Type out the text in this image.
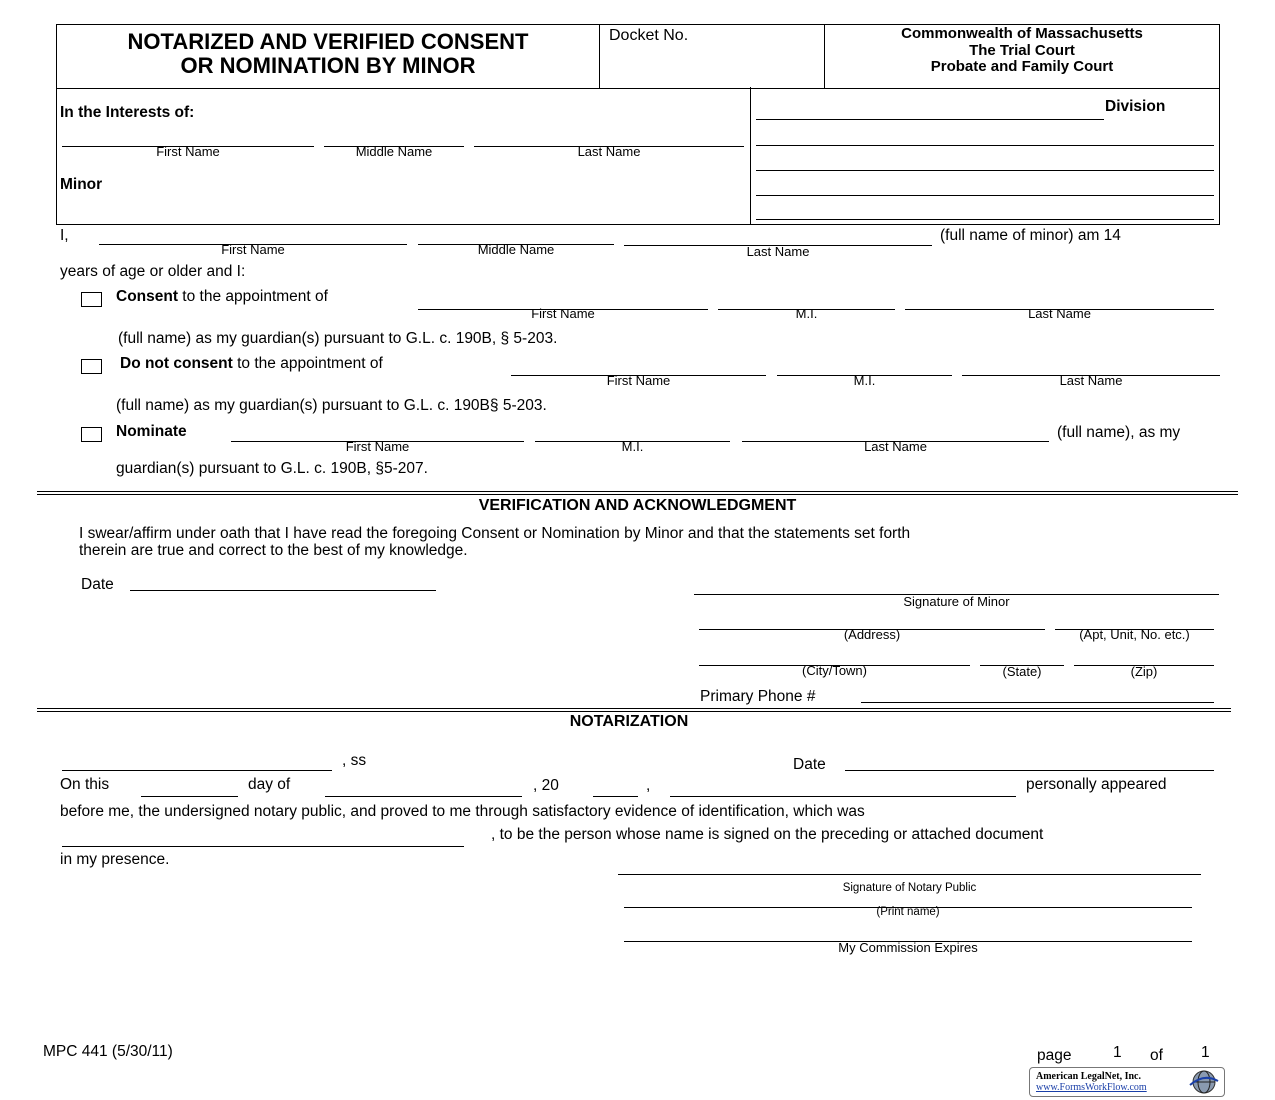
NOTARIZED AND VERIFIED CONSENT
OR NOMINATION BY MINOR
Docket No.	Commonwealth of Massachusetts
The Trial Court
Probate and Family Court
In the Interests of:
First Name	Middle Name	Last Name
Minor
Division
I,
First Name	Middle Name	Last Name
(full name of minor) am 14
years of age or older and I:
Consent to the appointment of
First Name	M.I.	Last Name
(full name) as my guardian(s) pursuant to G.L. c. 190B, § 5-203.
Do not consent to the appointment of
First Name	M.I.	Last Name
(full name) as my guardian(s) pursuant to G.L. c. 190B§ 5-203.
Nominate
First Name	M.I.	Last Name
(full name), as my
guardian(s) pursuant to G.L. c. 190B, §5-207.
VERIFICATION AND ACKNOWLEDGMENT
I swear/affirm under oath that I have read the foregoing Consent or Nomination by Minor and that the statements set forth
therein are true and correct to the best of my knowledge.
Date
Signature of Minor
(Address)	(Apt, Unit, No. etc.)
(City/Town)	(State)	(Zip)
Primary Phone #
NOTARIZATION
, ss	Date
On this	day of	, 20	,	personally appeared
before me, the undersigned notary public, and proved to me through satisfactory evidence of identification, which was
, to be the person whose name is signed on the preceding or attached document
in my presence.
Signature of Notary Public
(Print name)
My Commission Expires
MPC 441 (5/30/11)	page	1 of 1
American LegalNet, Inc.
www.FormsWorkFlow.com
